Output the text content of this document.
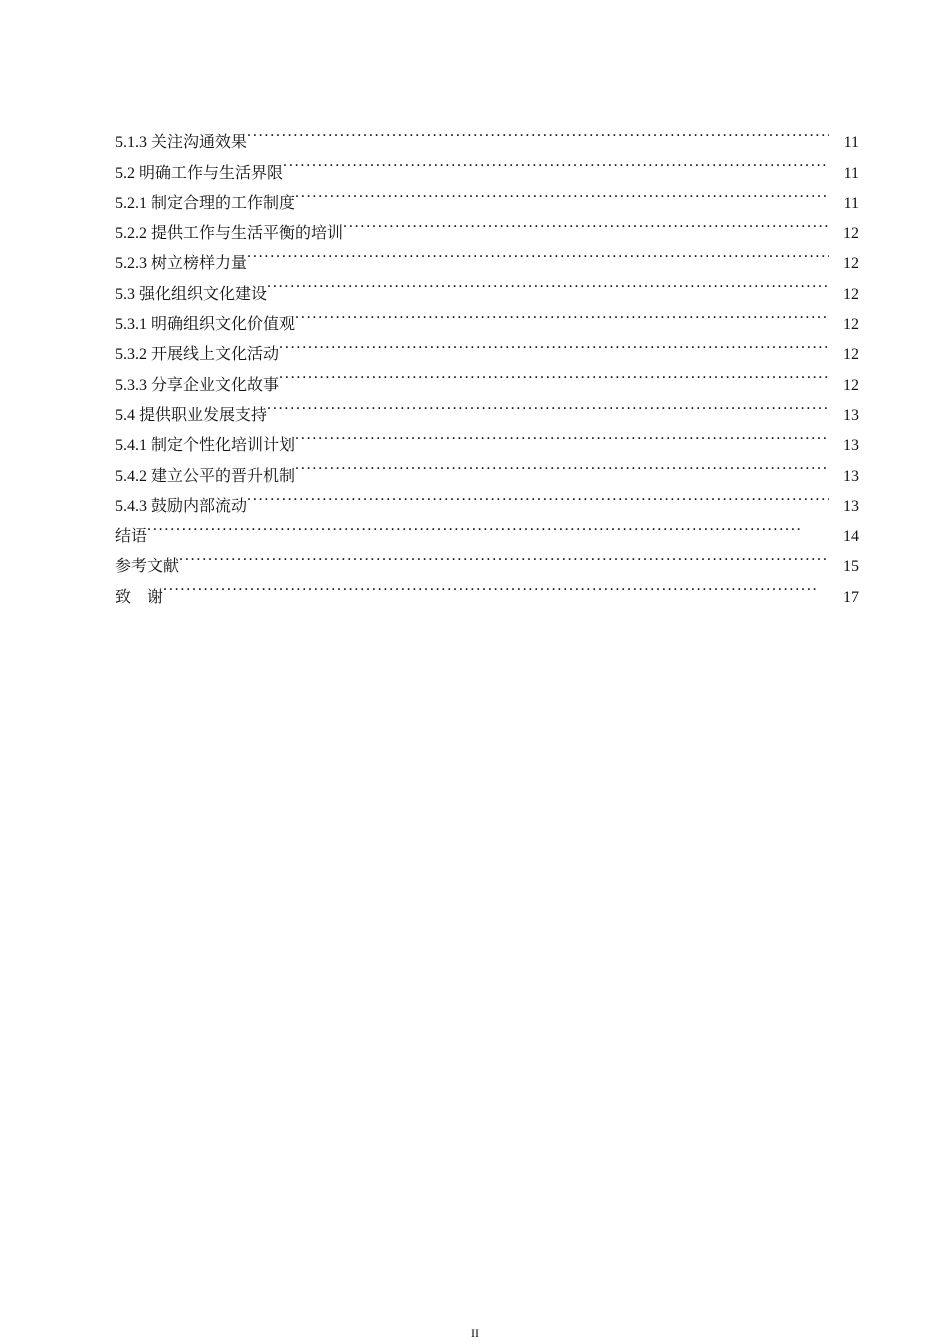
5.1.3 关注沟通效果 . . .	11
5.2 明确工作与生活界限 . . .	11
5.2.1 制定合理的工作制度 . . .	11
5.2.2 提供工作与生活平衡的培训 . . .	12
5.2.3 树立榜样力量 . . .	12
5.3 强化组织文化建设 . . .	12
5.3.1 明确组织文化价值观 . . .	12
5.3.2 开展线上文化活动 . . .	12
5.3.3 分享企业文化故事 . . .	12
5.4 提供职业发展支持 . . .	13
5.4.1 制定个性化培训计划 . . .	13
5.4.2 建立公平的晋升机制 . . .	13
5.4.3 鼓励内部流动 . . .	13
结语 . . .	14
参考文献 . . .	15
致    谢 . . .	17
II
